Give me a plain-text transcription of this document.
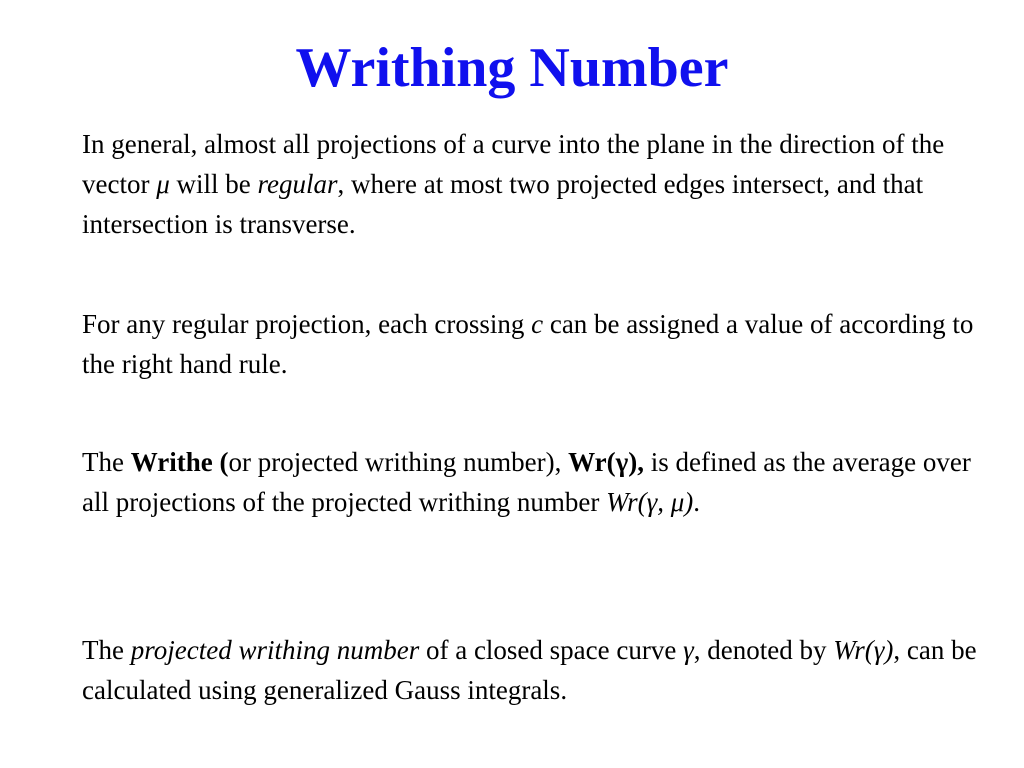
Writhing Number

In general, almost all projections of a curve into the plane in the direction of the vector μ will be regular, where at most two projected edges intersect, and that intersection is transverse.

For any regular projection, each crossing c can be assigned a value of according to the right hand rule.

The Writhe (or projected writhing number), Wr(γ), is defined as the average over all projections of the projected writhing number Wr(γ, μ).

The projected writhing number of a closed space curve γ, denoted by Wr(γ), can be calculated using generalized Gauss integrals.
